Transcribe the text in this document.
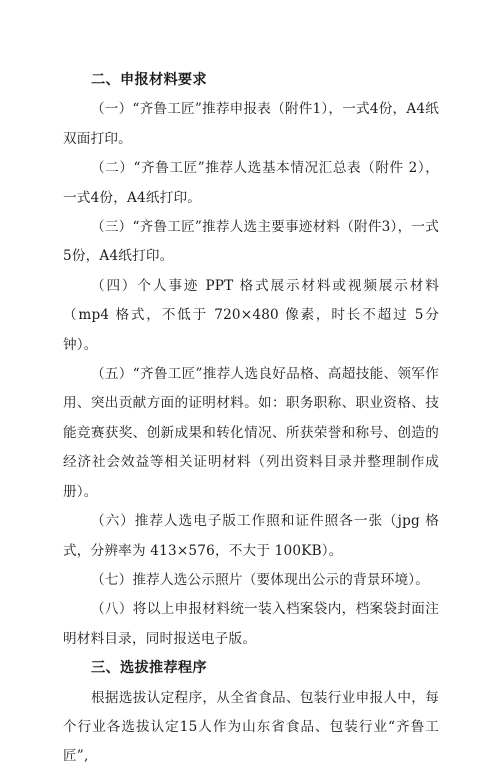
二、申报材料要求

（一）“齐鲁工匠”推荐申报表（附件1），一式4份，A4纸双面打印。

（二）“齐鲁工匠”推荐人选基本情况汇总表（附件 2），一式4份，A4纸打印。

（三）“齐鲁工匠”推荐人选主要事迹材料（附件3），一式5份，A4纸打印。

（四）个人事迹 PPT 格式展示材料或视频展示材料（mp4 格式，不低于 720×480 像素，时长不超过 5分钟）。

（五）“齐鲁工匠”推荐人选良好品格、高超技能、领军作用、突出贡献方面的证明材料。如：职务职称、职业资格、技能竞赛获奖、创新成果和转化情况、所获荣誉和称号、创造的经济社会效益等相关证明材料（列出资料目录并整理制作成册）。

（六）推荐人选电子版工作照和证件照各一张（jpg 格式，分辨率为 413×576，不大于 100KB）。

（七）推荐人选公示照片（要体现出公示的背景环境）。

（八）将以上申报材料统一装入档案袋内，档案袋封面注明材料目录，同时报送电子版。

三、选拔推荐程序

根据选拔认定程序，从全省食品、包装行业申报人中，每个行业各选拔认定15人作为山东省食品、包装行业“齐鲁工匠”,
